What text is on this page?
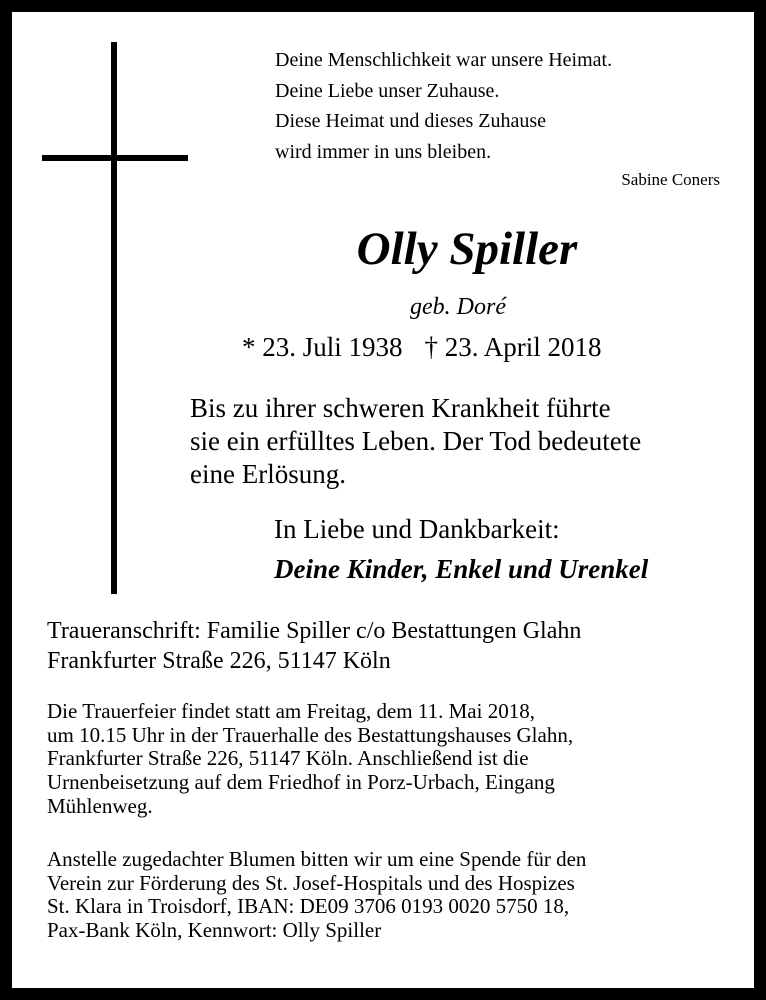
Deine Menschlichkeit war unsere Heimat.
Deine Liebe unser Zuhause.
Diese Heimat und dieses Zuhause
wird immer in uns bleiben.
Sabine Coners
Olly Spiller
geb. Doré
* 23. Juli 1938 † 23. April 2018
Bis zu ihrer schweren Krankheit führte
sie ein erfülltes Leben. Der Tod bedeutete
eine Erlösung.
In Liebe und Dankbarkeit:
Deine Kinder, Enkel und Urenkel
Traueranschrift: Familie Spiller c/o Bestattungen Glahn
Frankfurter Straße 226, 51147 Köln
Die Trauerfeier findet statt am Freitag, dem 11. Mai 2018,
um 10.15 Uhr in der Trauerhalle des Bestattungshauses Glahn,
Frankfurter Straße 226, 51147 Köln. Anschließend ist die
Urnenbeisetzung auf dem Friedhof in Porz-Urbach, Eingang
Mühlenweg.
Anstelle zugedachter Blumen bitten wir um eine Spende für den
Verein zur Förderung des St. Josef-Hospitals und des Hospizes
St. Klara in Troisdorf, IBAN: DE09 3706 0193 0020 5750 18,
Pax-Bank Köln, Kennwort: Olly Spiller
